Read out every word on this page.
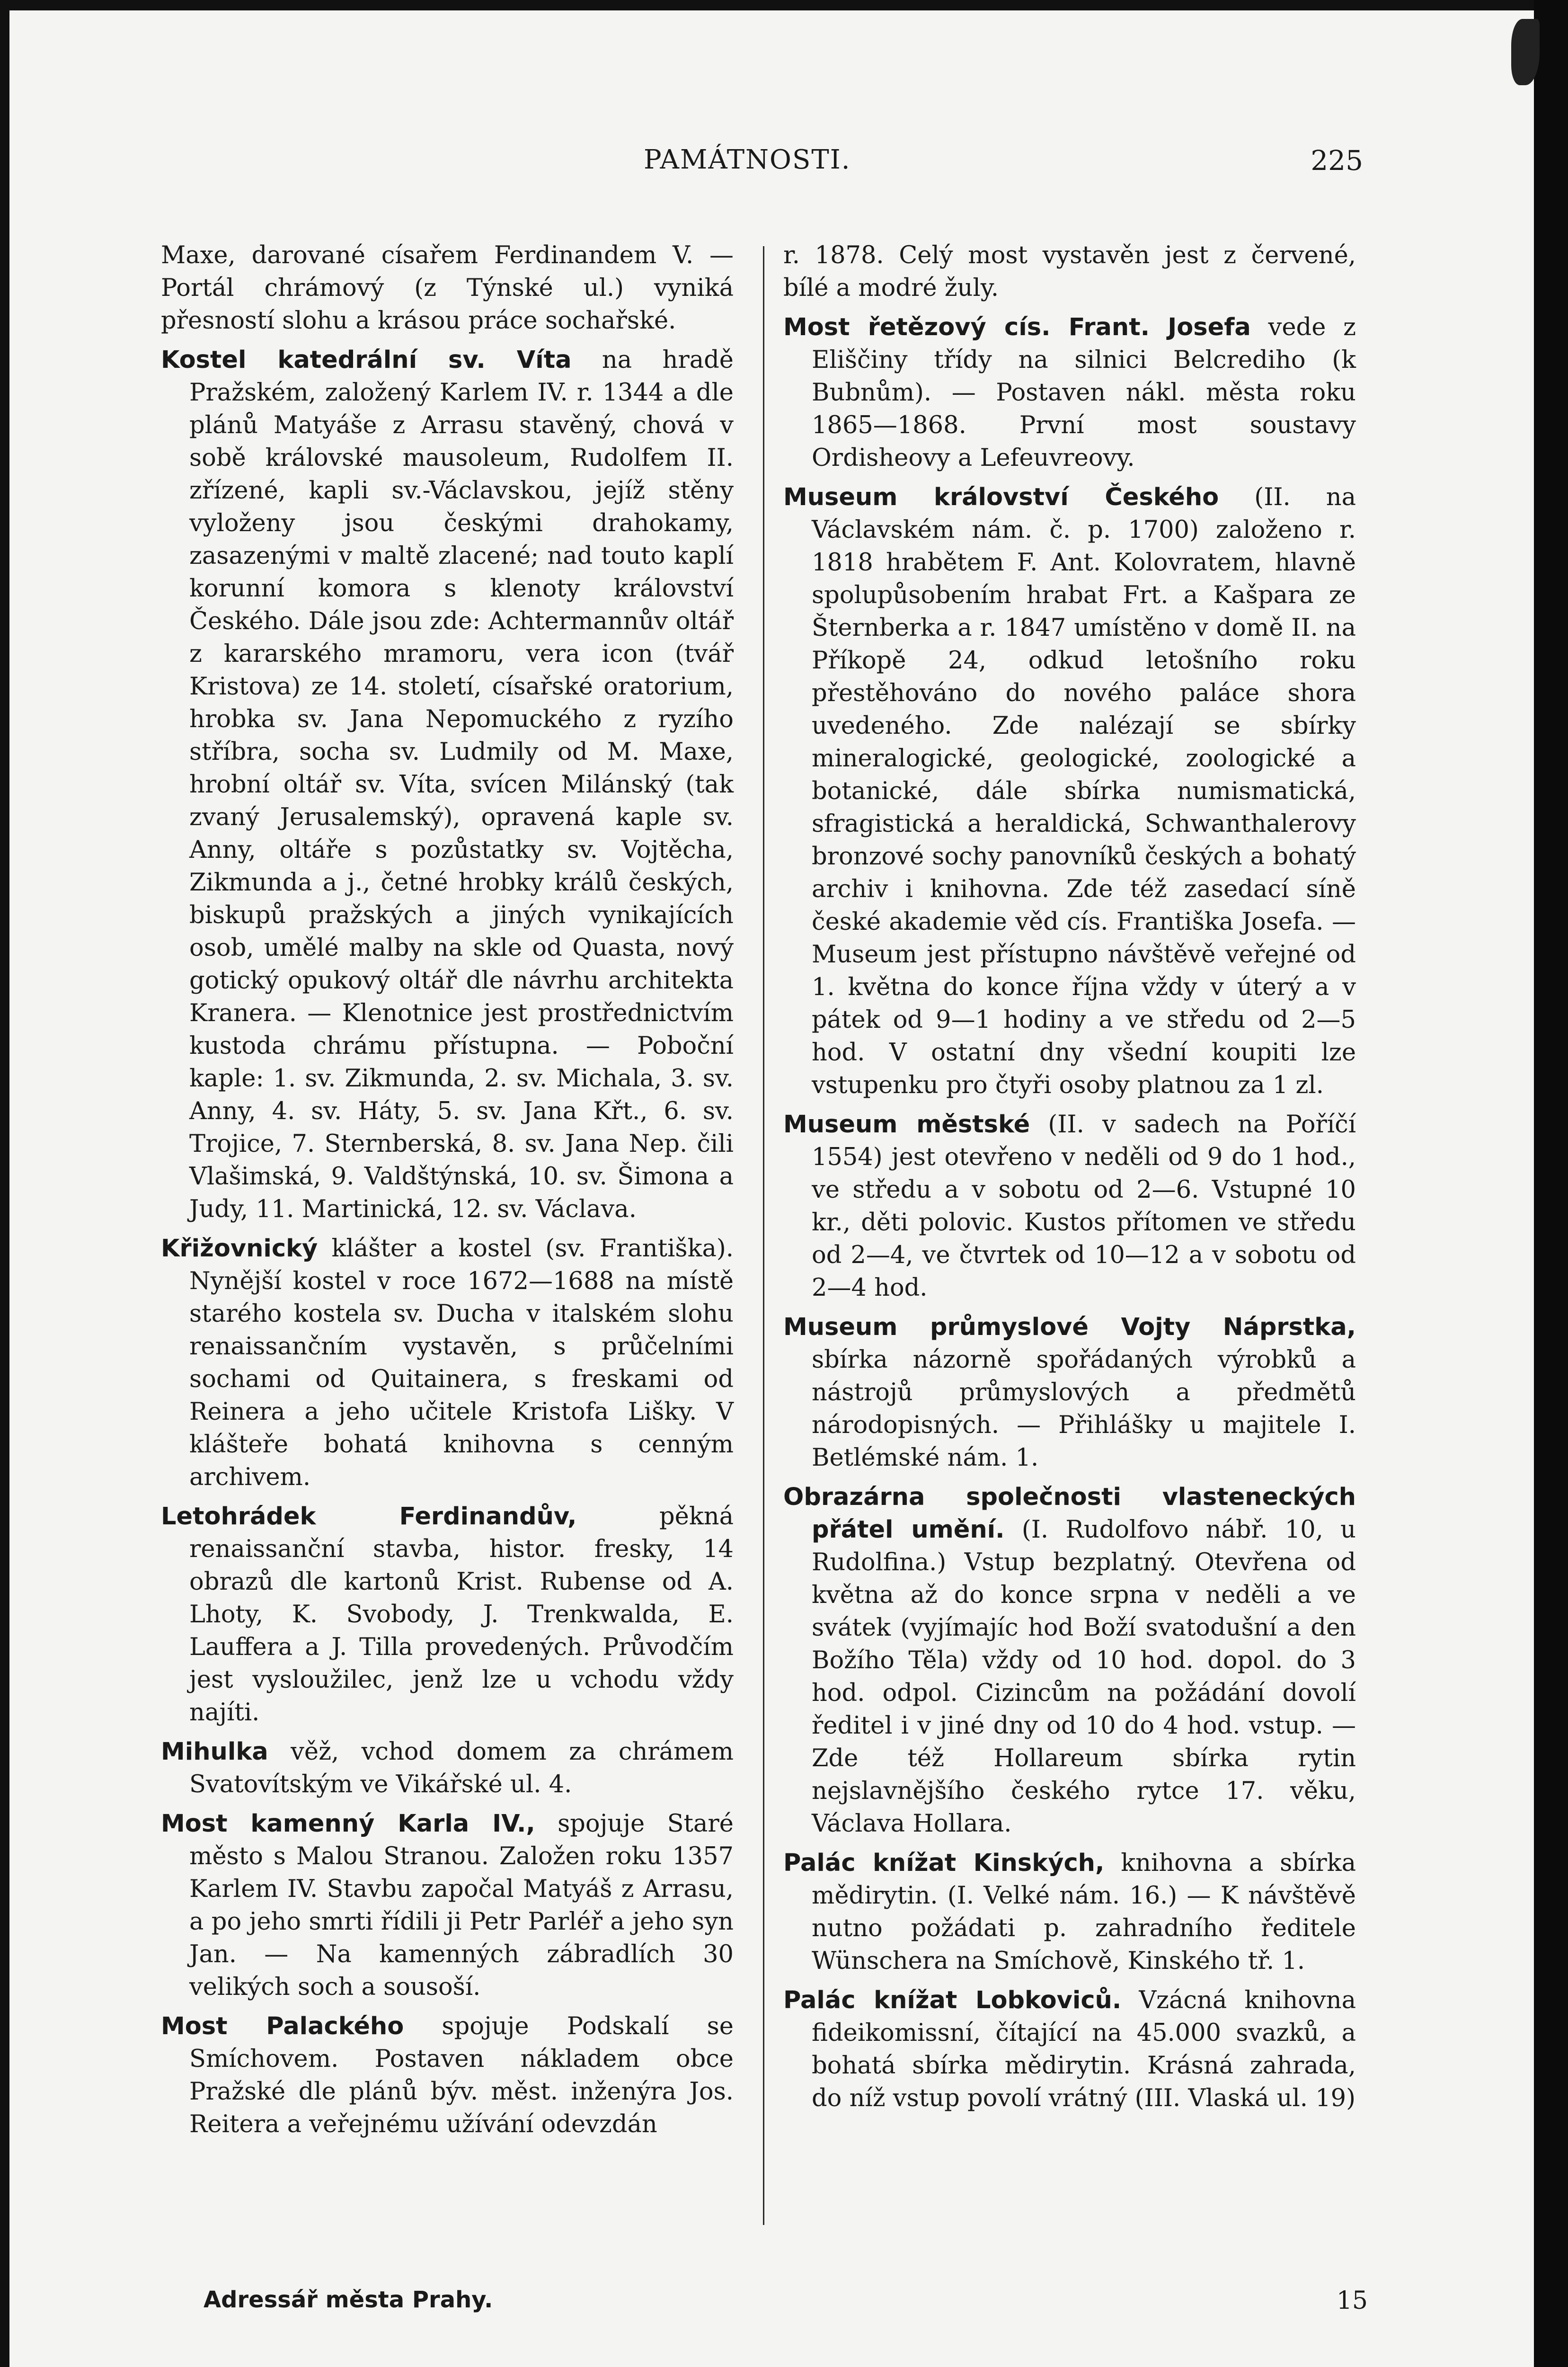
PAMÁTNOSTI.	225

Maxe, darované císařem Ferdinandem V. — Portál chrámový (z Týnské ul.) vyniká přesností slohu a krásou práce sochařské.

Kostel katedrální sv. Víta na hradě Pražském, založený Karlem IV. r. 1344 a dle plánů Matyáše z Arrasu stavěný, chová v sobě královské mausoleum, Rudolfem II. zřízené, kapli sv.-Václavskou, jejíž stěny vyloženy jsou českými drahokamy, zasazenými v maltě zlacené; nad touto kaplí korunní komora s klenoty království Českého. Dále jsou zde: Achtermannův oltář z kararského mramoru, vera icon (tvář Kristova) ze 14. století, císařské oratorium, hrobka sv. Jana Nepomuckého z ryzího stříbra, socha sv. Ludmily od M. Maxe, hrobní oltář sv. Víta, svícen Milánský (tak zvaný Jerusalemský), opravená kaple sv. Anny, oltáře s pozůstatky sv. Vojtěcha, Zikmunda a j., četné hrobky králů českých, biskupů pražských a jiných vynikajících osob, umělé malby na skle od Quasta, nový gotický opukový oltář dle návrhu architekta Kranera. — Klenotnice jest prostřednictvím kustoda chrámu přístupna. — Poboční kaple: 1. sv. Zikmunda, 2. sv. Michala, 3. sv. Anny, 4. sv. Háty, 5. sv. Jana Křt., 6. sv. Trojice, 7. Sternberská, 8. sv. Jana Nep. čili Vlašimská, 9. Valdštýnská, 10. sv. Šimona a Judy, 11. Martinická, 12. sv. Václava.

Křižovnický klášter a kostel (sv. Františka). Nynější kostel v roce 1672—1688 na místě starého kostela sv. Ducha v italském slohu renaissančním vystavěn, s průčelními sochami od Quitainera, s freskami od Reinera a jeho učitele Kristofa Lišky. V klášteře bohatá knihovna s cenným archivem.

Letohrádek Ferdinandův, pěkná renaissanční stavba, histor. fresky, 14 obrazů dle kartonů Krist. Rubense od A. Lhoty, K. Svobody, J. Trenkwalda, E. Lauffera a J. Tilla provedených. Průvodčím jest vysloužilec, jenž lze u vchodu vždy najíti.

Mihulka věž, vchod domem za chrámem Svatovítským ve Vikářské ul. 4.

Most kamenný Karla IV., spojuje Staré město s Malou Stranou. Založen roku 1357 Karlem IV. Stavbu započal Matyáš z Arrasu, a po jeho smrti řídili ji Petr Parléř a jeho syn Jan. — Na kamenných zábradlích 30 velikých soch a sousoší.

Most Palackého spojuje Podskalí se Smíchovem. Postaven nákladem obce Pražské dle plánů býv. měst. inženýra Jos. Reitera a veřejnému užívání odevzdán

r. 1878. Celý most vystavěn jest z červené, bílé a modré žuly.

Most řetězový cís. Frant. Josefa vede z Eliščiny třídy na silnici Belcrediho (k Bubnům). — Postaven nákl. města roku 1865—1868. První most soustavy Ordisheovy a Lefeuvreovy.

Museum království Českého (II. na Václavském nám. č. p. 1700) založeno r. 1818 hrabětem F. Ant. Kolovratem, hlavně spolupůsobením hrabat Frt. a Kašpara ze Šternberka a r. 1847 umístěno v domě II. na Příkopě 24, odkud letošního roku přestěhováno do nového paláce shora uvedeného. Zde nalézají se sbírky mineralogické, geologické, zoologické a botanické, dále sbírka numismatická, sfragistická a heraldická, Schwanthalerovy bronzové sochy panovníků českých a bohatý archiv i knihovna. Zde též zasedací síně české akademie věd cís. Františka Josefa. — Museum jest přístupno návštěvě veřejné od 1. května do konce října vždy v úterý a v pátek od 9—1 hodiny a ve středu od 2—5 hod. V ostatní dny všední koupiti lze vstupenku pro čtyři osoby platnou za 1 zl.

Museum městské (II. v sadech na Poříčí 1554) jest otevřeno v neděli od 9 do 1 hod., ve středu a v sobotu od 2—6. Vstupné 10 kr., děti polovic. Kustos přítomen ve středu od 2—4, ve čtvrtek od 10—12 a v sobotu od 2—4 hod.

Museum průmyslové Vojty Náprstka, sbírka názorně spořádaných výrobků a nástrojů průmyslových a předmětů národopisných. — Přihlášky u majitele I. Betlémské nám. 1.

Obrazárna společnosti vlasteneckých přátel umění. (I. Rudolfovo nábř. 10, u Rudolfina.) Vstup bezplatný. Otevřena od května až do konce srpna v neděli a ve svátek (vyjímajíc hod Boží svatodušní a den Božího Těla) vždy od 10 hod. dopol. do 3 hod. odpol. Cizincům na požádání dovolí ředitel i v jiné dny od 10 do 4 hod. vstup. — Zde též Hollareum sbírka rytin nejslavnějšího českého rytce 17. věku, Václava Hollara.

Palác knížat Kinských, knihovna a sbírka mědirytin. (I. Velké nám. 16.) — K návštěvě nutno požádati p. zahradního ředitele Wünschera na Smíchově, Kinského tř. 1.

Palác knížat Lobkoviců. Vzácná knihovna fideikomissní, čítající na 45.000 svazků, a bohatá sbírka mědirytin. Krásná zahrada, do níž vstup povolí vrátný (III. Vlaská ul. 19)

Adressář města Prahy.	15
